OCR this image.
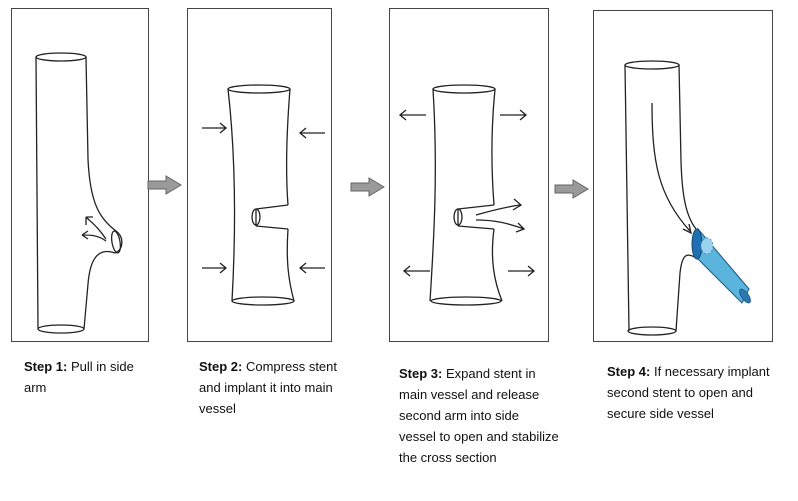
Step 1: Pull in side arm
Step 2: Compress stent and implant it into main vessel
Step 3: Expand stent in main vessel and release second arm into side vessel to open and stabilize the cross section
Step 4: If necessary implant second stent to open and secure side vessel
